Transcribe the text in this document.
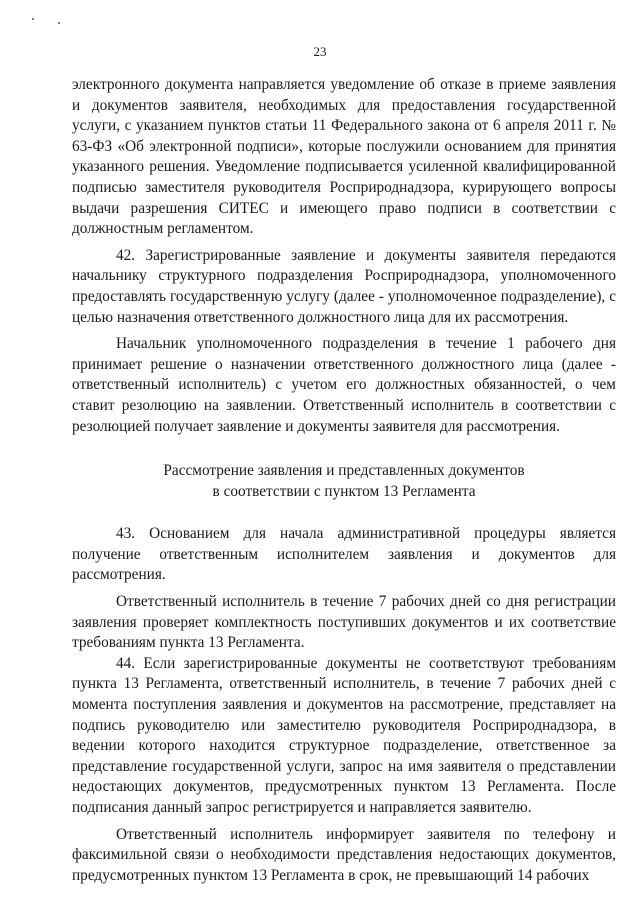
23

электронного документа направляется уведомление об отказе в приеме заявления и документов заявителя, необходимых для предоставления государственной услуги, с указанием пунктов статьи 11 Федерального закона от 6 апреля 2011 г. № 63-ФЗ «Об электронной подписи», которые послужили основанием для принятия указанного решения. Уведомление подписывается усиленной квалифицированной подписью заместителя руководителя Росприроднадзора, курирующего вопросы выдачи разрешения СИТЕС и имеющего право подписи в соответствии с должностным регламентом.

42. Зарегистрированные заявление и документы заявителя передаются начальнику структурного подразделения Росприроднадзора, уполномоченного предоставлять государственную услугу (далее - уполномоченное подразделение), с целью назначения ответственного должностного лица для их рассмотрения.

Начальник уполномоченного подразделения в течение 1 рабочего дня принимает решение о назначении ответственного должностного лица (далее - ответственный исполнитель) с учетом его должностных обязанностей, о чем ставит резолюцию на заявлении. Ответственный исполнитель в соответствии с резолюцией получает заявление и документы заявителя для рассмотрения.

Рассмотрение заявления и представленных документов
в соответствии с пунктом 13 Регламента

43. Основанием для начала административной процедуры является получение ответственным исполнителем заявления и документов для рассмотрения.

Ответственный исполнитель в течение 7 рабочих дней со дня регистрации заявления проверяет комплектность поступивших документов и их соответствие требованиям пункта 13 Регламента.

44. Если зарегистрированные документы не соответствуют требованиям пункта 13 Регламента, ответственный исполнитель, в течение 7 рабочих дней с момента поступления заявления и документов на рассмотрение, представляет на подпись руководителю или заместителю руководителя Росприроднадзора, в ведении которого находится структурное подразделение, ответственное за представление государственной услуги, запрос на имя заявителя о представлении недостающих документов, предусмотренных пунктом 13 Регламента. После подписания данный запрос регистрируется и направляется заявителю.

Ответственный исполнитель информирует заявителя по телефону и факсимильной связи о необходимости представления недостающих документов, предусмотренных пунктом 13 Регламента в срок, не превышающий 14 рабочих
